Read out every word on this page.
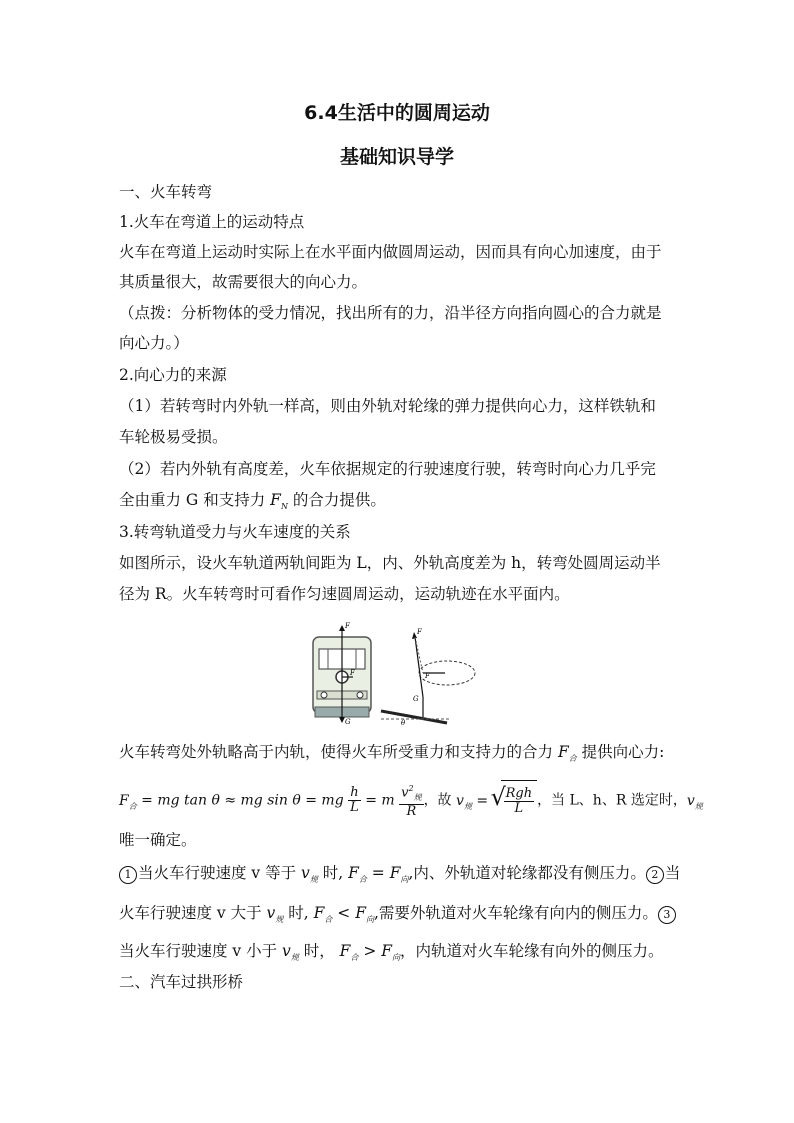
6.4生活中的圆周运动
基础知识导学
一、火车转弯
1.火车在弯道上的运动特点
火车在弯道上运动时实际上在水平面内做圆周运动，因而具有向心加速度，由于
其质量很大，故需要很大的向心力。
（点拨：分析物体的受力情况，找出所有的力，沿半径方向指向圆心的合力就是
向心力。）
2.向心力的来源
（1）若转弯时内外轨一样高，则由外轨对轮缘的弹力提供向心力，这样铁轨和
车轮极易受损。
（2）若内外轨有高度差，火车依据规定的行驶速度行驶，转弯时向心力几乎完
全由重力 G 和支持力 $F_N$ 的合力提供。
3.转弯轨道受力与火车速度的关系
如图所示，设火车轨道两轨间距为 L，内、外轨高度差为 h，转弯处圆周运动半
径为 R。火车转弯时可看作匀速圆周运动，运动轨迹在水平面内。
F
G
F
F
F
G
θ
火车转弯处外轨略高于内轨，使得火车所受重力和支持力的合力 $F_合$ 提供向心力:
$F_合$ = mg tan θ ≈ mg sin θ = mg $\frac{h}{L} = m \frac{v^2_规}{R}$ ，故 $v_规$ =
√ $\frac{\text{Rgh}}{L}$ ，当 L、h、R 选定时，$v_规$
唯一确定。
1 当火车行驶速度 v 等于 $v_规$ 时, $F_合 = F_向$,内、外轨道对轮缘都没有侧压力。 2 当
火车行驶速度 v 大于 $v_规$ 时, $F_合 < F_向$,需要外轨道对火车轮缘有向内的侧压力。 3
当火车行驶速度 v 小于 $v_规$ 时， $F_合 > F_向$，内轨道对火车轮缘有向外的侧压力。
二、汽车过拱形桥
